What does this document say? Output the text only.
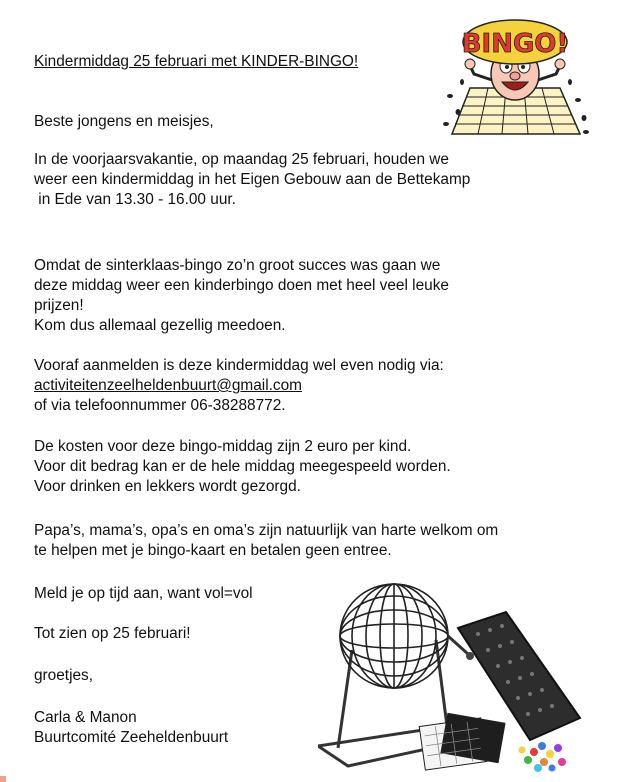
Kindermiddag 25 februari met KINDER-BINGO!
Beste jongens en meisjes,
In de voorjaarsvakantie, op maandag 25 februari, houden we
weer een kindermiddag in het Eigen Gebouw aan de Bettekamp
in Ede van 13.30 - 16.00 uur.
Omdat de sinterklaas-bingo zo’n groot succes was gaan we
deze middag weer een kinderbingo doen met heel veel leuke
prijzen!
Kom dus allemaal gezellig meedoen.
Vooraf aanmelden is deze kindermiddag wel even nodig via:
activiteitenzeelheldenbuurt@gmail.com
of via telefoonnummer 06-38288772.
De kosten voor deze bingo-middag zijn 2 euro per kind.
Voor dit bedrag kan er de hele middag meegespeeld worden.
Voor drinken en lekkers wordt gezorgd.
Papa’s, mama’s, opa’s en oma’s zijn natuurlijk van harte welkom om
te helpen met je bingo-kaart en betalen geen entree.
Meld je op tijd aan, want vol=vol
Tot zien op 25 februari!
groetjes,
Carla & Manon
Buurtcomité Zeeheldenbuurt
BINGO!
